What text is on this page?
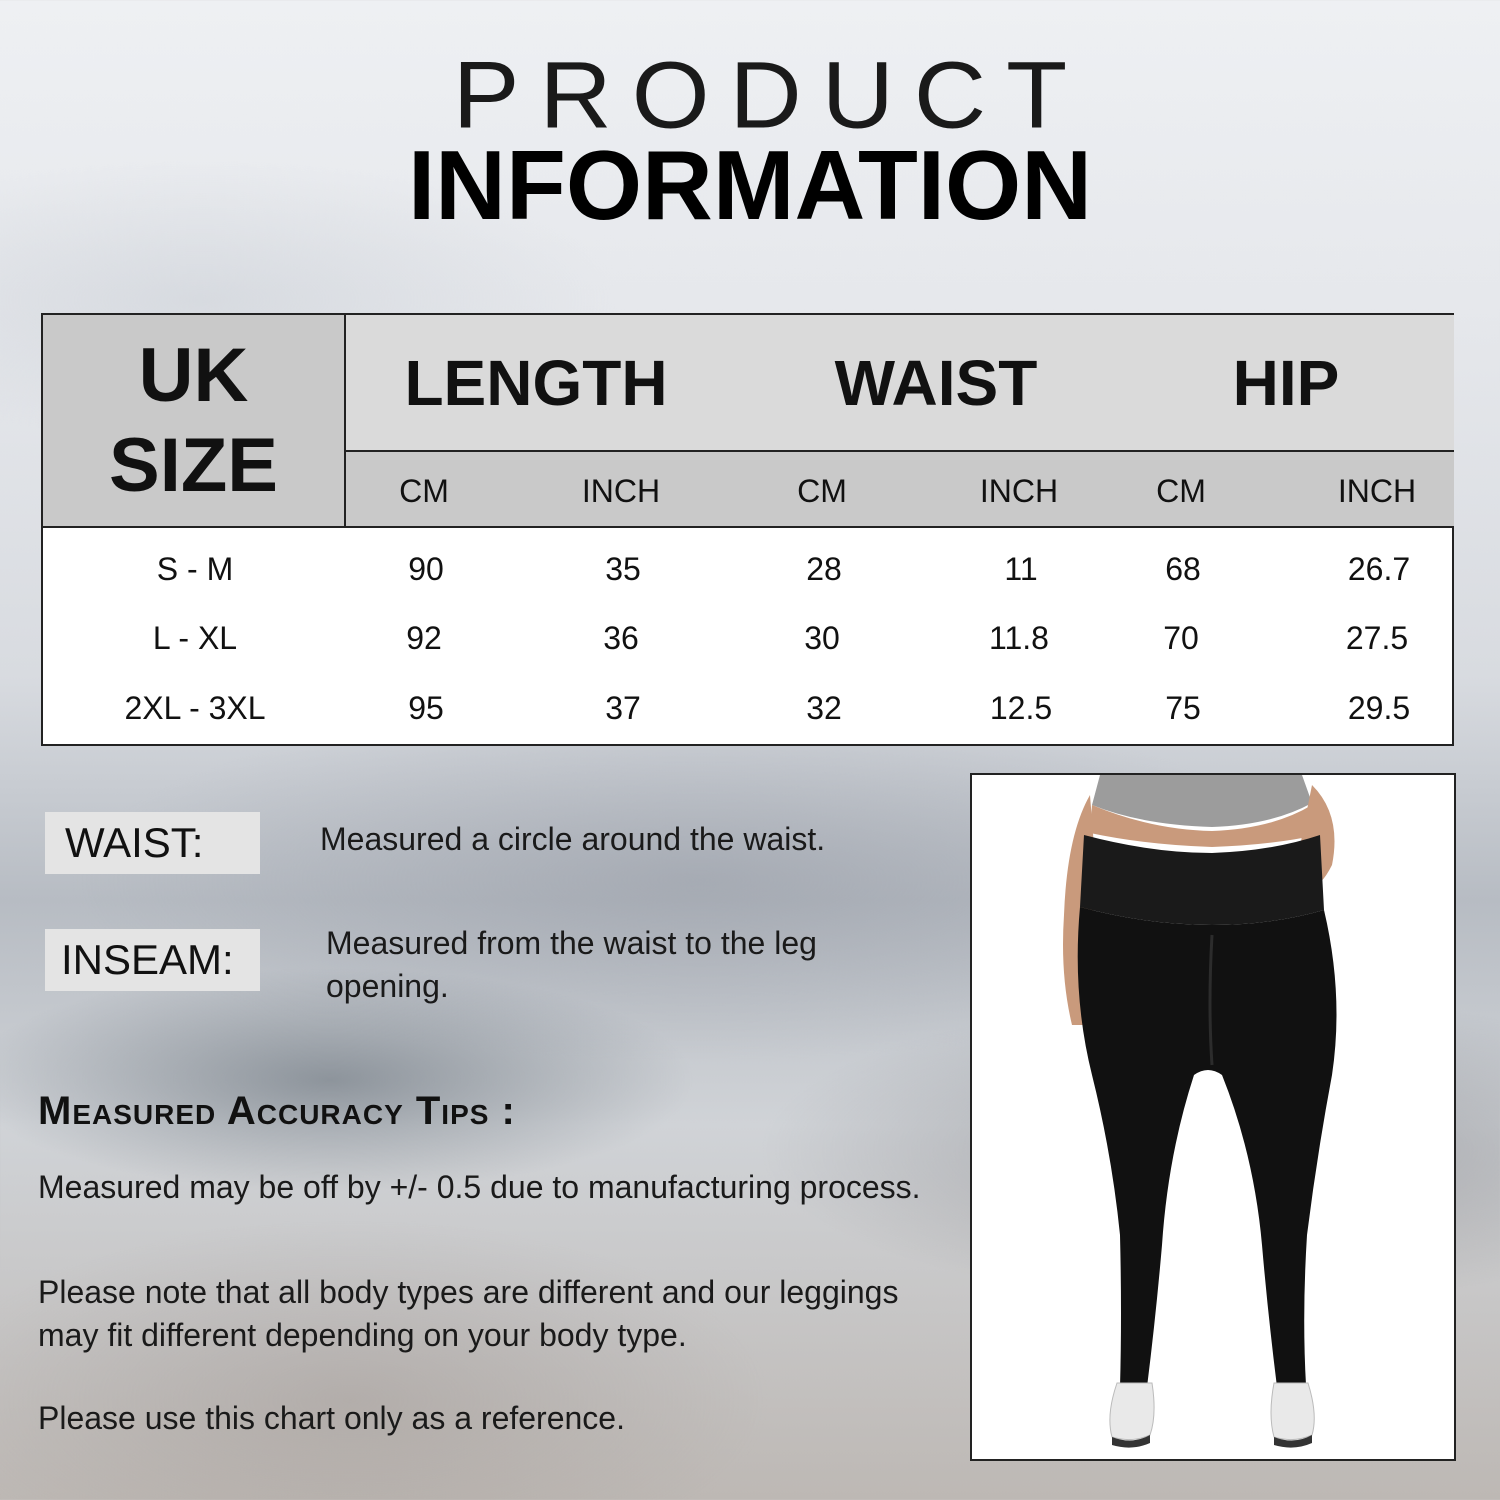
PRODUCT
INFORMATION
UK
SIZE
LENGTH	WAIST	HIP
CM	INCH	CM	INCH	CM	INCH
S - M	90	35	28	11	68	26.7
L - XL	92	36	30	11.8	70	27.5
2XL - 3XL	95	37	32	12.5	75	29.5
WAIST:	Measured a circle around the waist.
INSEAM:	Measured from the waist to the leg opening.
Measured Accuracy Tips :
Measured may be off by +/- 0.5 due to manufacturing process.
Please note that all body types are different and our leggings may fit different depending on your body type.
Please use this chart only as a reference.
